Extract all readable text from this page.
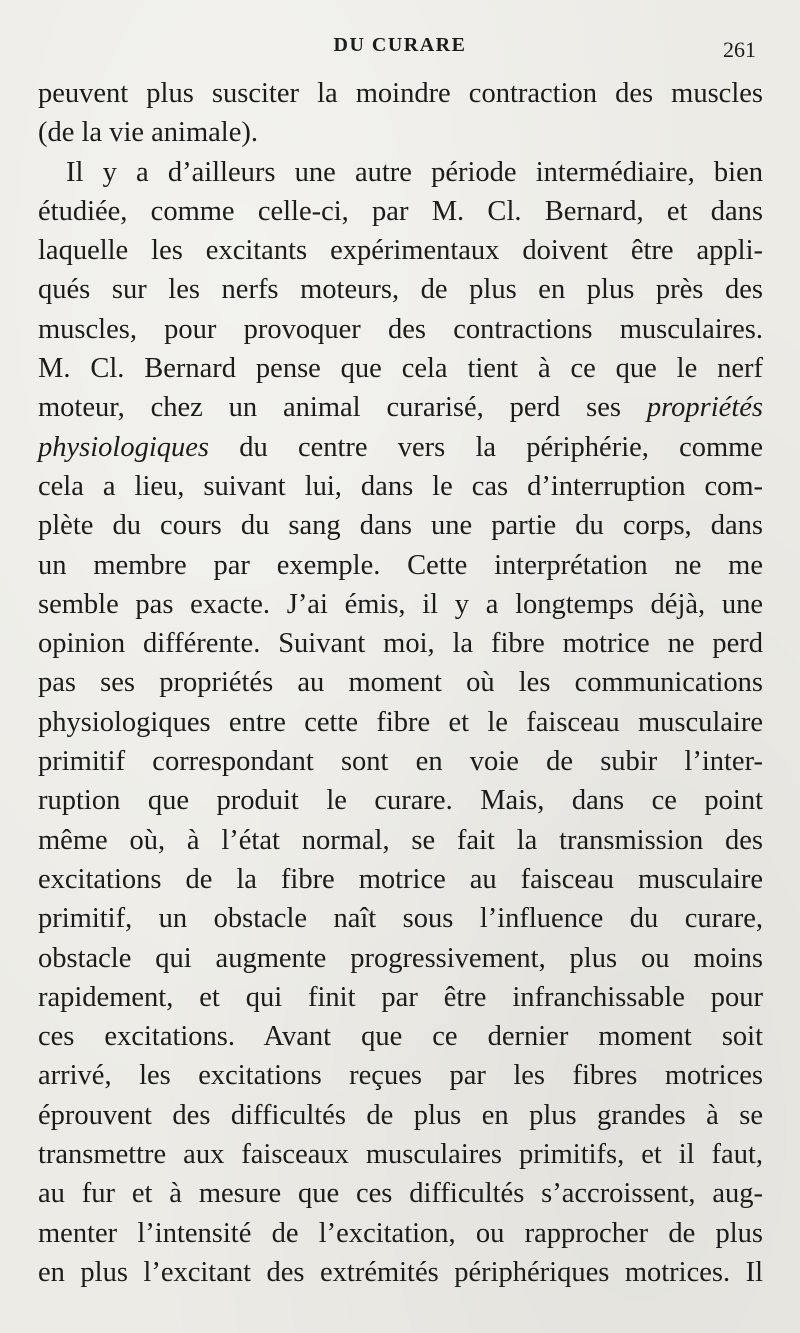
DU CURARE	261
peuvent plus susciter la moindre contraction des muscles
(de la vie animale).
Il y a d’ailleurs une autre période intermédiaire, bien
étudiée, comme celle-ci, par M. Cl. Bernard, et dans
laquelle les excitants expérimentaux doivent être appli-
qués sur les nerfs moteurs, de plus en plus près des
muscles, pour provoquer des contractions musculaires.
M. Cl. Bernard pense que cela tient à ce que le nerf
moteur, chez un animal curarisé, perd ses propriétés
physiologiques du centre vers la périphérie, comme
cela a lieu, suivant lui, dans le cas d’interruption com-
plète du cours du sang dans une partie du corps, dans
un membre par exemple. Cette interprétation ne me
semble pas exacte. J’ai émis, il y a longtemps déjà, une
opinion différente. Suivant moi, la fibre motrice ne perd
pas ses propriétés au moment où les communications
physiologiques entre cette fibre et le faisceau musculaire
primitif correspondant sont en voie de subir l’inter-
ruption que produit le curare. Mais, dans ce point
même où, à l’état normal, se fait la transmission des
excitations de la fibre motrice au faisceau musculaire
primitif, un obstacle naît sous l’influence du curare,
obstacle qui augmente progressivement, plus ou moins
rapidement, et qui finit par être infranchissable pour
ces excitations. Avant que ce dernier moment soit
arrivé, les excitations reçues par les fibres motrices
éprouvent des difficultés de plus en plus grandes à se
transmettre aux faisceaux musculaires primitifs, et il faut,
au fur et à mesure que ces difficultés s’accroissent, aug-
menter l’intensité de l’excitation, ou rapprocher de plus
en plus l’excitant des extrémités périphériques motrices. Il
